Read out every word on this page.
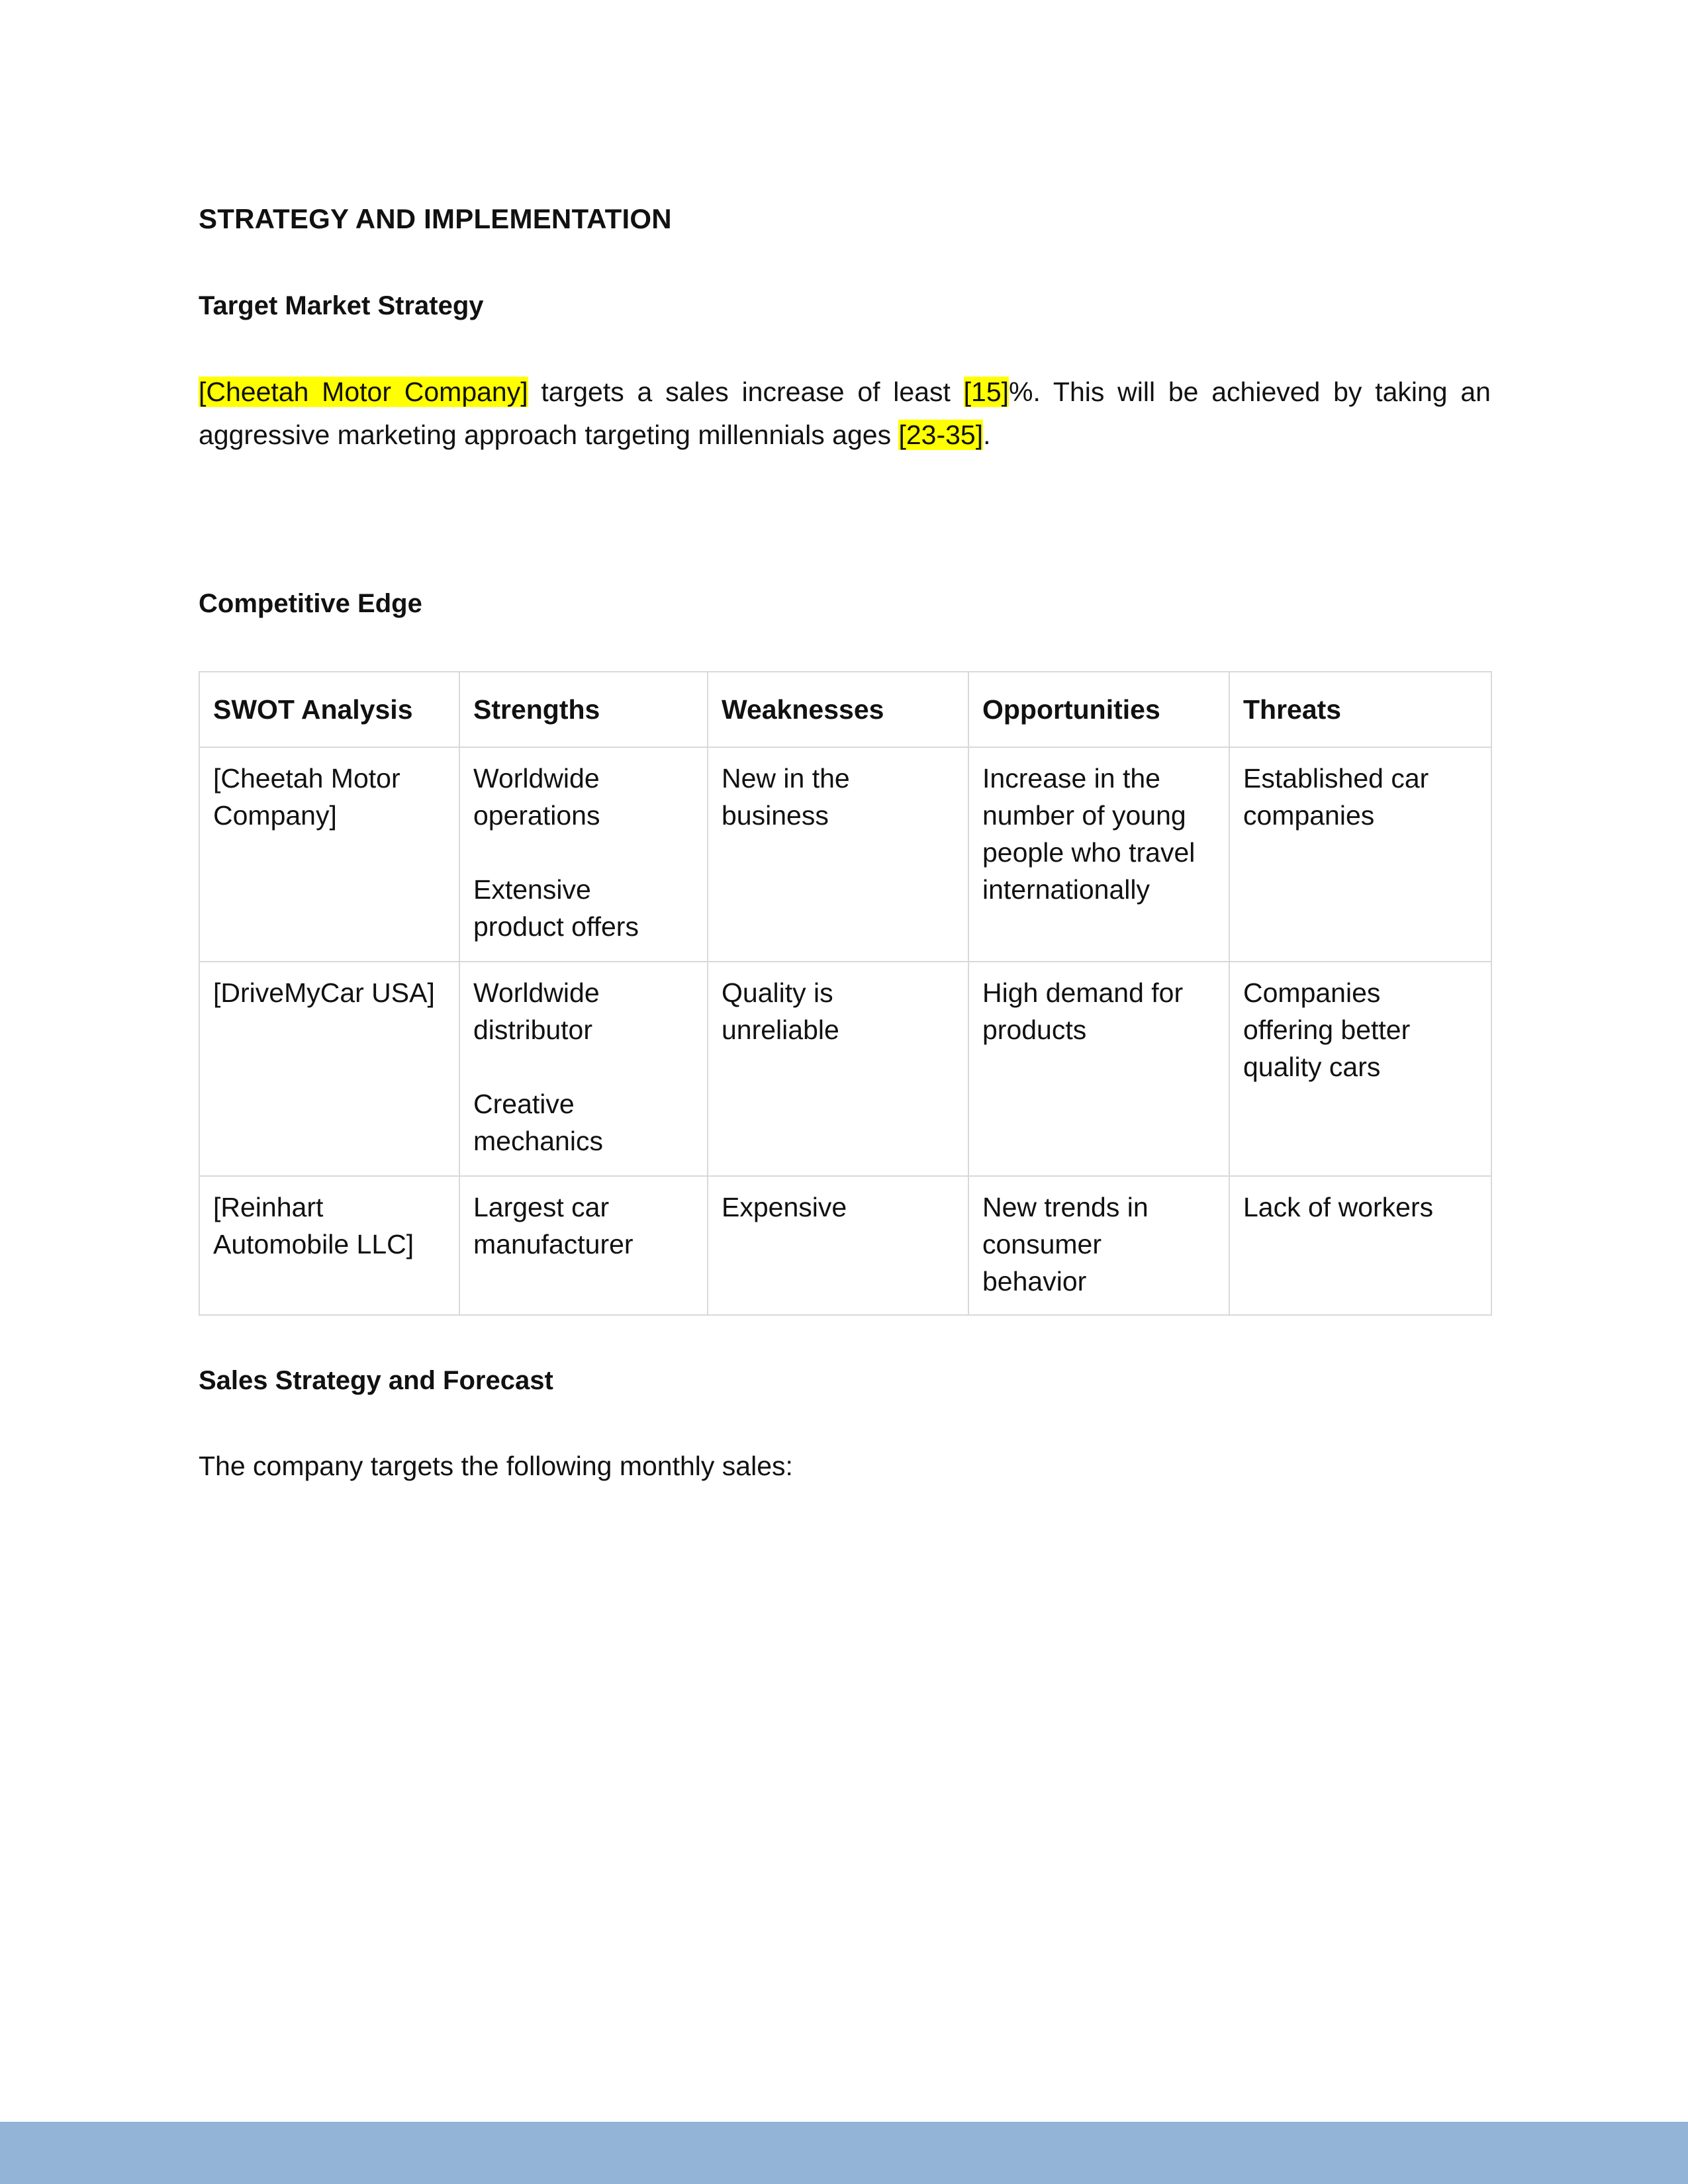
STRATEGY AND IMPLEMENTATION
Target Market Strategy
[Cheetah Motor Company] targets a sales increase of least [15]%. This will be achieved by taking an
aggressive marketing approach targeting millennials ages [23-35].
Competitive Edge
SWOT Analysis	Strengths	Weaknesses	Opportunities	Threats
[Cheetah Motor
Company]	Worldwide
operations

Extensive
product offers	New in the
business	Increase in the
number of young
people who travel
internationally	Established car
companies
[DriveMyCar USA]	Worldwide
distributor

Creative
mechanics	Quality is
unreliable	High demand for
products	Companies
offering better
quality cars
[Reinhart
Automobile LLC]	Largest car
manufacturer	Expensive	New trends in
consumer
behavior	Lack of workers
Sales Strategy and Forecast
The company targets the following monthly sales:
